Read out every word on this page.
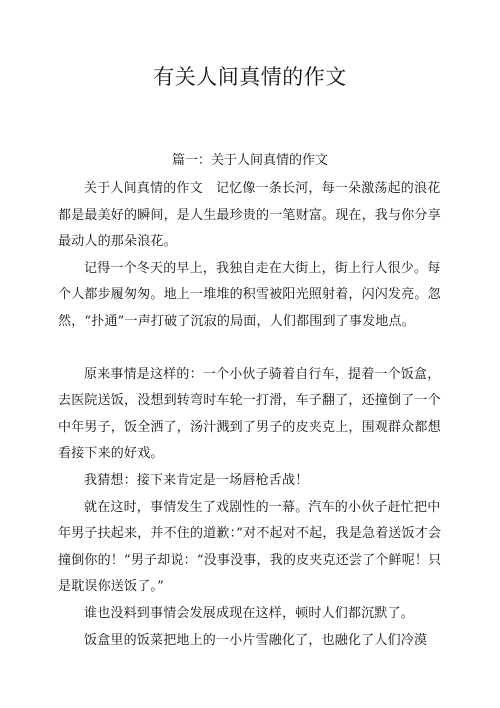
有关人间真情的作文
篇一：关于人间真情的作文

关于人间真情的作文　记忆像一条长河，每一朵激荡起的浪花都是最美好的瞬间，是人生最珍贵的一笔财富。现在，我与你分享最动人的那朵浪花。

记得一个冬天的早上，我独自走在大街上，街上行人很少。每个人都步履匆匆。地上一堆堆的积雪被阳光照射着，闪闪发亮。忽然，“扑通”一声打破了沉寂的局面，人们都围到了事发地点。

原来事情是这样的：一个小伙子骑着自行车，提着一个饭盒，去医院送饭，没想到转弯时车轮一打滑，车子翻了，还撞倒了一个中年男子，饭全洒了，汤汁溅到了男子的皮夹克上，围观群众都想看接下来的好戏。

我猜想：接下来肯定是一场唇枪舌战！

就在这时，事情发生了戏剧性的一幕。汽车的小伙子赶忙把中年男子扶起来，并不住的道歉：”对不起对不起，我是急着送饭才会撞倒你的！”男子却说：“没事没事，我的皮夹克还尝了个鲜呢！只是耽误你送饭了。”

谁也没料到事情会发展成现在这样，顿时人们都沉默了。

饭盒里的饭菜把地上的一小片雪融化了，也融化了人们冷漠
